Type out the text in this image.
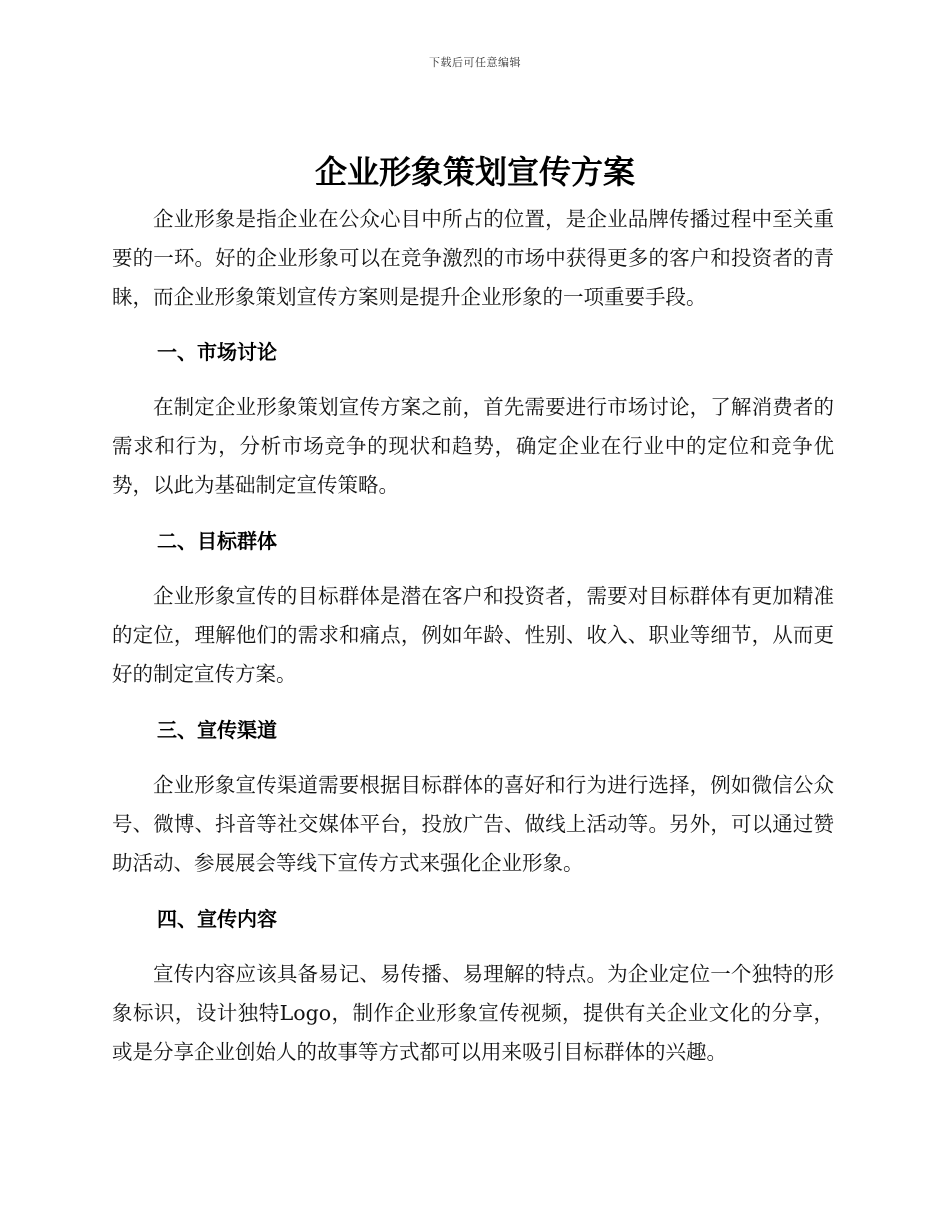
下载后可任意编辑
企业形象策划宣传方案

企业形象是指企业在公众心目中所占的位置，是企业品牌传播过程中至关重要的一环。好的企业形象可以在竞争激烈的市场中获得更多的客户和投资者的青睐，而企业形象策划宣传方案则是提升企业形象的一项重要手段。

一、市场讨论

在制定企业形象策划宣传方案之前，首先需要进行市场讨论，了解消费者的需求和行为，分析市场竞争的现状和趋势，确定企业在行业中的定位和竞争优势，以此为基础制定宣传策略。

二、目标群体

企业形象宣传的目标群体是潜在客户和投资者，需要对目标群体有更加精准的定位，理解他们的需求和痛点，例如年龄、性别、收入、职业等细节，从而更好的制定宣传方案。

三、宣传渠道

企业形象宣传渠道需要根据目标群体的喜好和行为进行选择，例如微信公众号、微博、抖音等社交媒体平台，投放广告、做线上活动等。另外，可以通过赞助活动、参展展会等线下宣传方式来强化企业形象。

四、宣传内容

宣传内容应该具备易记、易传播、易理解的特点。为企业定位一个独特的形象标识，设计独特Logo，制作企业形象宣传视频，提供有关企业文化的分享，或是分享企业创始人的故事等方式都可以用来吸引目标群体的兴趣。
